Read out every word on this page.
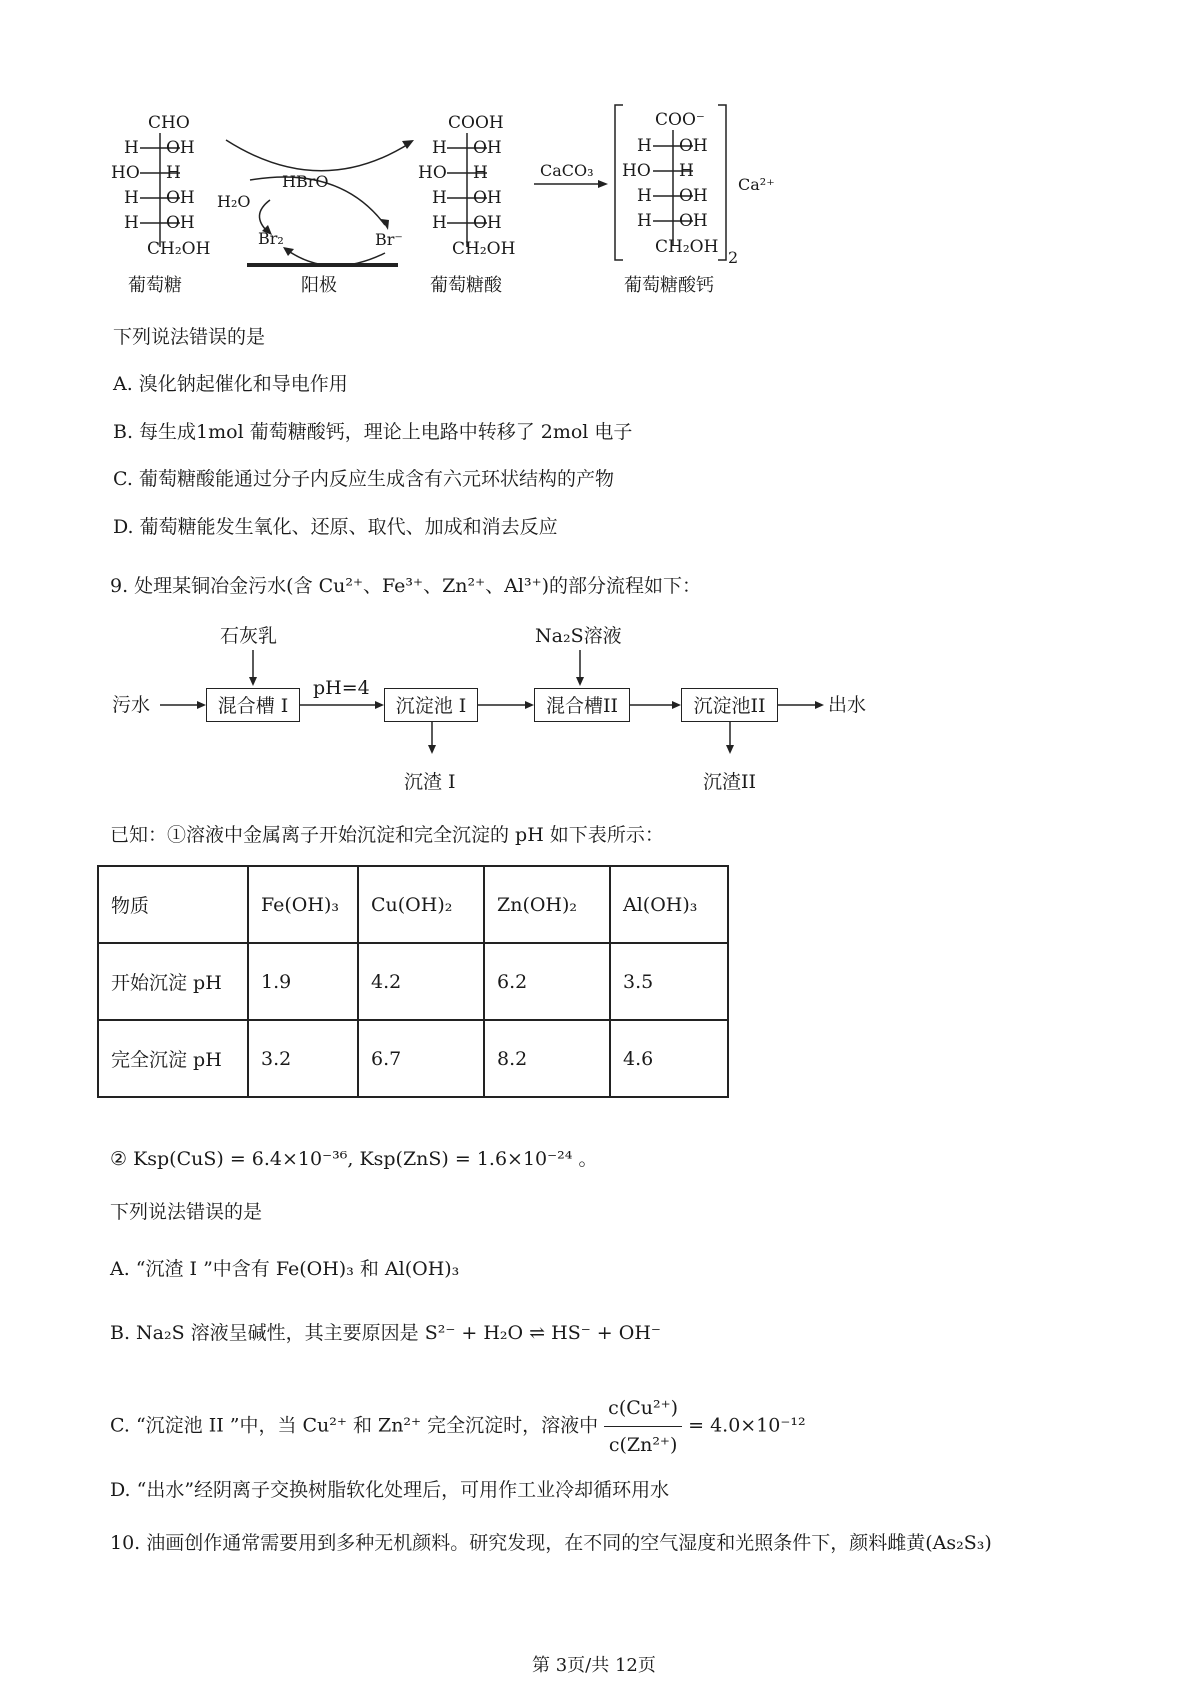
CHO
H OH
HO H
H OH
H OH
CH₂OH
葡萄糖
HBrO
H₂O
Br₂	Br⁻
阳极
COOH
H OH
HO H
H OH
H OH
CH₂OH
葡萄糖酸
CaCO₃
COO⁻
H OH
HO H
H OH
H OH
CH₂OH
2
Ca²⁺
葡萄糖酸钙
下列说法错误的是
A. 溴化钠起催化和导电作用
B. 每生成1mol 葡萄糖酸钙，理论上电路中转移了 2mol 电子
C. 葡萄糖酸能通过分子内反应生成含有六元环状结构的产物
D. 葡萄糖能发生氧化、还原、取代、加成和消去反应
9. 处理某铜冶金污水(含 Cu²⁺、Fe³⁺、Zn²⁺、Al³⁺)的部分流程如下：
污水
石灰乳
混合槽 I
pH=4
沉淀池 I
沉渣 I
Na₂S溶液
混合槽II	沉淀池II
沉渣II
出水
已知：①溶液中金属离子开始沉淀和完全沉淀的 pH 如下表所示：
物质	Fe(OH)₃	Cu(OH)₂	Zn(OH)₂	Al(OH)₃
开始沉淀 pH	1.9	4.2	6.2	3.5
完全沉淀 pH	3.2	6.7	8.2	4.6
② Ksp(CuS) = 6.4×10⁻³⁶, Ksp(ZnS) = 1.6×10⁻²⁴ 。
下列说法错误的是
A. “沉渣 I ”中含有 Fe(OH)₃ 和 Al(OH)₃
B. Na₂S 溶液呈碱性，其主要原因是 S²⁻ + H₂O ⇌ HS⁻ + OH⁻
C. “沉淀池 II ”中，当 Cu²⁺ 和 Zn²⁺ 完全沉淀时，溶液中 $\frac{\text{c(Cu²⁺)}}{\text{c(Zn²⁺)}} = 4.0\times 10^{-12}$
D. “出水”经阴离子交换树脂软化处理后，可用作工业冷却循环用水
10. 油画创作通常需要用到多种无机颜料。研究发现，在不同的空气湿度和光照条件下，颜料雌黄(As₂S₃)
第 3页/共 12页
